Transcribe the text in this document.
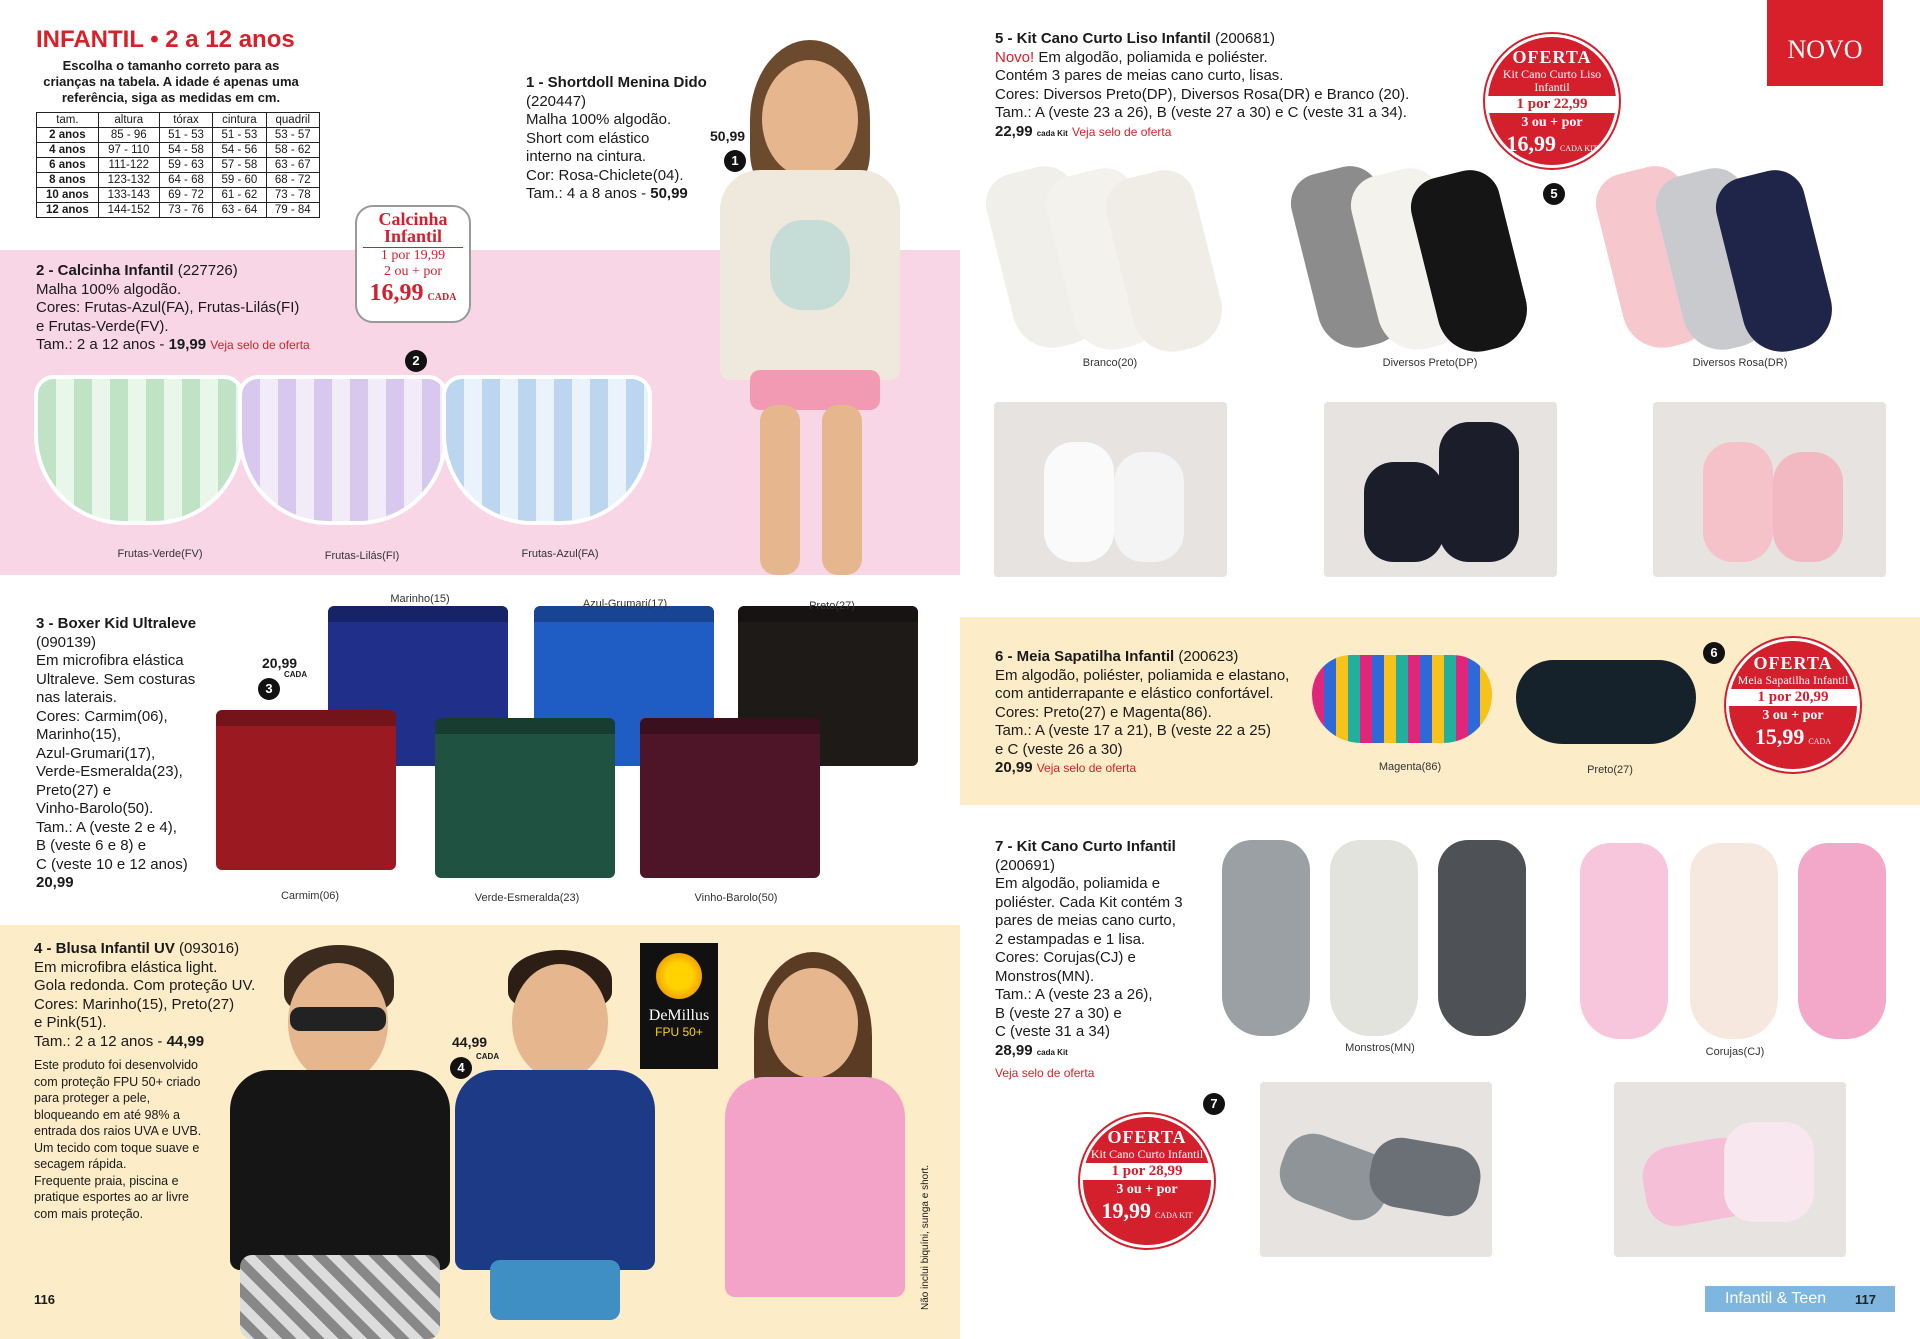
INFANTIL • 2 a 12 anos
Escolha o tamanho correto para as crianças na tabela. A idade é apenas uma referência, siga as medidas em cm.
tam.	altura	tórax	cintura	quadril
2 anos	85 - 96	51 - 53	51 - 53	53 - 57
4 anos	97 - 110	54 - 58	54 - 56	58 - 62
6 anos	111-122	59 - 63	57 - 58	63 - 67
8 anos	123-132	64 - 68	59 - 60	68 - 72
10 anos	133-143	69 - 72	61 - 62	73 - 78
12 anos	144-152	73 - 76	63 - 64	79 - 84
1 - Shortdoll Menina Dido
(220447)
Malha 100% algodão.
Short com elástico
interno na cintura.
Cor: Rosa-Chiclete(04).
Tam.: 4 a 8 anos - 50,99
50,99
1
2 - Calcinha Infantil (227726)
Malha 100% algodão.
Cores: Frutas-Azul(FA), Frutas-Lilás(FI)
e Frutas-Verde(FV).
Tam.: 2 a 12 anos - 19,99 Veja selo de oferta
Calcinha Infantil
1 por 19,99
2 ou + por
16,99 CADA
2
Frutas-Verde(FV)	Frutas-Lilás(FI)	Frutas-Azul(FA)
3 - Boxer Kid Ultraleve
(090139)
Em microfibra elástica
Ultraleve. Sem costuras
nas laterais.
Cores: Carmim(06),
Marinho(15),
Azul-Grumari(17),
Verde-Esmeralda(23),
Preto(27) e
Vinho-Barolo(50).
Tam.: A (veste 2 e 4),
B (veste 6 e 8) e
C (veste 10 e 12 anos)
20,99
20,99
CADA
3
Marinho(15)	Azul-Grumari(17)	Preto(27)
Carmim(06)	Verde-Esmeralda(23)	Vinho-Barolo(50)
4 - Blusa Infantil UV (093016)
Em microfibra elástica light.
Gola redonda. Com proteção UV.
Cores: Marinho(15), Preto(27)
e Pink(51).
Tam.: 2 a 12 anos - 44,99
Este produto foi desenvolvido
com proteção FPU 50+ criado
para proteger a pele,
bloqueando em até 98% a
entrada dos raios UVA e UVB.
Um tecido com toque suave e
secagem rápida.
Frequente praia, piscina e
pratique esportes ao ar livre
com mais proteção.
44,99
CADA
4
DeMillus
FPU 50+
Não inclui biquíni, sunga e short.
116
NOVO
5 - Kit Cano Curto Liso Infantil (200681)
Novo! Em algodão, poliamida e poliéster.
Contém 3 pares de meias cano curto, lisas.
Cores: Diversos Preto(DP), Diversos Rosa(DR) e Branco (20).
Tam.: A (veste 23 a 26), B (veste 27 a 30) e C (veste 31 a 34).
22,99 cada Kit Veja selo de oferta
OFERTA
Kit Cano Curto Liso Infantil
1 por 22,99
3 ou + por
16,99 CADA KIT
5
Branco(20)	Diversos Preto(DP)	Diversos Rosa(DR)
6 - Meia Sapatilha Infantil (200623)
Em algodão, poliéster, poliamida e elastano,
com antiderrapante e elástico confortável.
Cores: Preto(27) e Magenta(86).
Tam.: A (veste 17 a 21), B (veste 22 a 25)
e C (veste 26 a 30)
20,99 Veja selo de oferta	Magenta(86)	Preto(27)
6
OFERTA
Meia Sapatilha Infantil
1 por 20,99
3 ou + por
15,99 CADA
7 - Kit Cano Curto Infantil
(200691)
Em algodão, poliamida e
poliéster. Cada Kit contém 3
pares de meias cano curto,
2 estampadas e 1 lisa.
Cores: Corujas(CJ) e
Monstros(MN).
Tam.: A (veste 23 a 26),
B (veste 27 a 30) e
C (veste 31 a 34)
28,99 cada Kit
Veja selo de oferta
Monstros(MN)	Corujas(CJ)
7
OFERTA
Kit Cano Curto Infantil
1 por 28,99
3 ou + por
19,99 CADA KIT
Infantil & Teen 117
